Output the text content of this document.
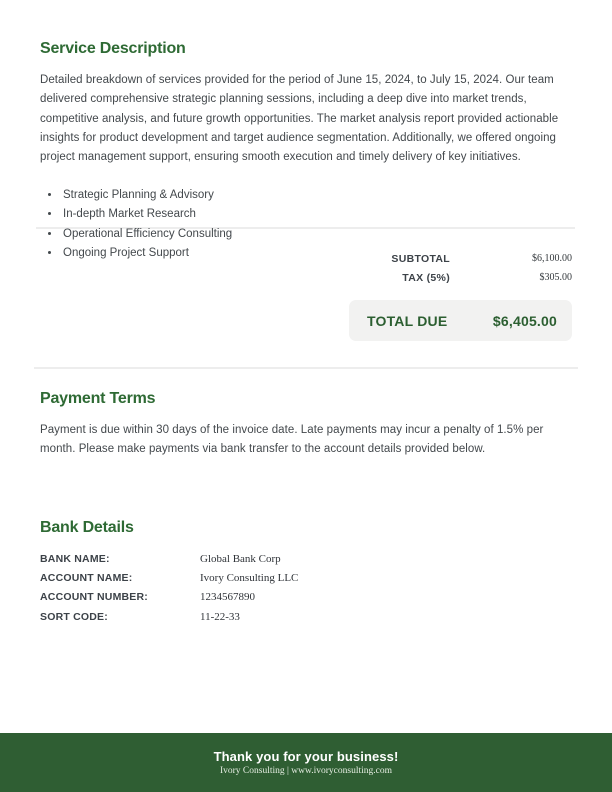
Service Description
Detailed breakdown of services provided for the period of June 15, 2024, to July 15, 2024. Our team delivered comprehensive strategic planning sessions, including a deep dive into market trends, competitive analysis, and future growth opportunities. The market analysis report provided actionable insights for product development and target audience segmentation. Additionally, we offered ongoing project management support, ensuring smooth execution and timely delivery of key initiatives.
• Strategic Planning & Advisory
• In-depth Market Research
• Operational Efficiency Consulting
• Ongoing Project Support	SUBTOTAL	$6,100.00
TAX (5%)	$305.00
TOTAL DUE	$6,405.00
Payment Terms
Payment is due within 30 days of the invoice date. Late payments may incur a penalty of 1.5% per month. Please make payments via bank transfer to the account details provided below.
Bank Details
BANK NAME:	Global Bank Corp
ACCOUNT NAME:	Ivory Consulting LLC
ACCOUNT NUMBER:	1234567890
SORT CODE:	11-22-33
Thank you for your business!
Ivory Consulting | www.ivoryconsulting.com
